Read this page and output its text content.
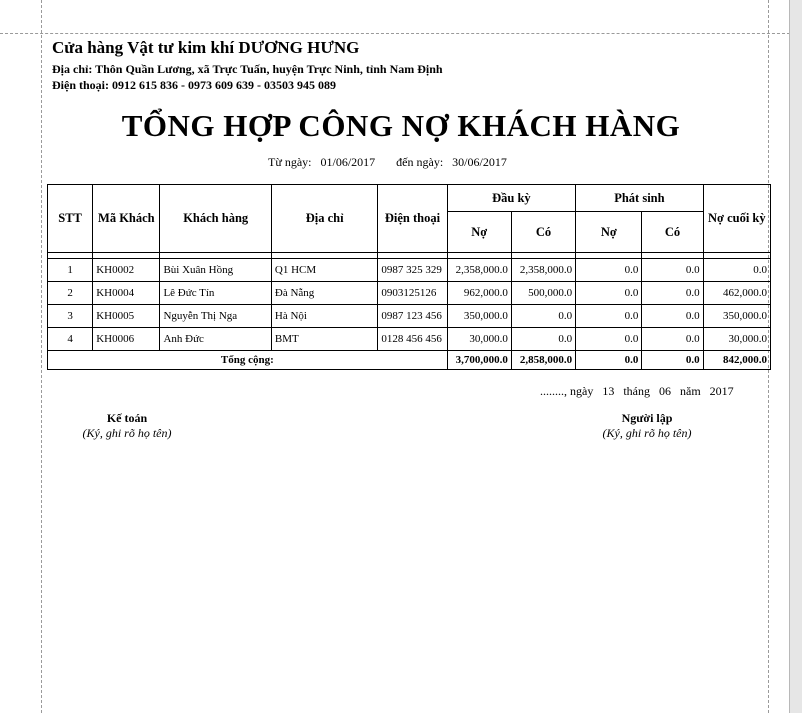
Cửa hàng Vật tư kim khí DƯƠNG HƯNG
Địa chỉ: Thôn Quần Lương, xã Trực Tuấn, huyện Trực Ninh, tỉnh Nam Định
Điện thoại: 0912 615 836 - 0973 609 639 - 03503 945 089
TỔNG HỢP CÔNG NỢ KHÁCH HÀNG
Từ ngày: 01/06/2017 đến ngày: 30/06/2017
STT	Mã Khách	Khách hàng	Địa chỉ	Điện thoại	Đầu kỳ		Phát sinh		Nợ cuối kỳ
					Nợ	Có	Nợ	Có	

1	KH0002	Bùi Xuân Hồng	Q1 HCM	0987 325 329	2,358,000.0	2,358,000.0	0.0	0.0	0.0
2	KH0004	Lê Đức Tín	Đà Nẵng	0903125126	962,000.0	500,000.0	0.0	0.0	462,000.0
3	KH0005	Nguyễn Thị Nga	Hà Nội	0987 123 456	350,000.0	0.0	0.0	0.0	350,000.0
4	KH0006	Anh Đức	BMT	0128 456 456	30,000.0	0.0	0.0	0.0	30,000.0
Tổng cộng:					3,700,000.0	2,858,000.0	0.0	0.0	842,000.0
........, ngày 13 tháng 06 năm 2017
Kế toán
(Ký, ghi rõ họ tên)
Người lập
(Ký, ghi rõ họ tên)
